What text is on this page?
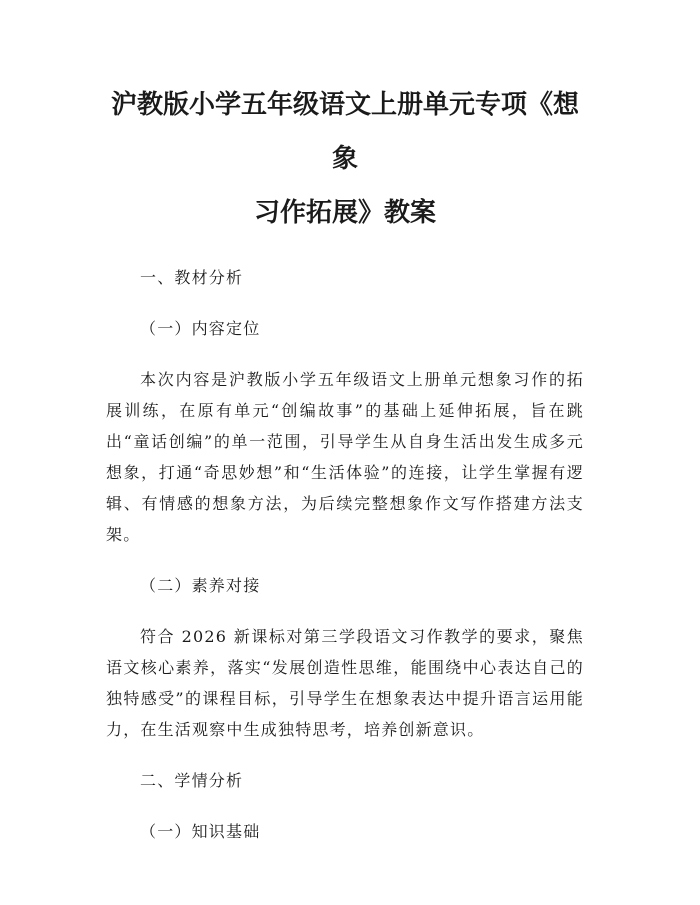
沪教版小学五年级语文上册单元专项《想象
习作拓展》教案
一、教材分析
（一）内容定位

本次内容是沪教版小学五年级语文上册单元想象习作的拓展训练，在原有单元“创编故事”的基础上延伸拓展，旨在跳出“童话创编”的单一范围，引导学生从自身生活出发生成多元想象，打通“奇思妙想”和“生活体验”的连接，让学生掌握有逻辑、有情感的想象方法，为后续完整想象作文写作搭建方法支架。

（二）素养对接

符合 2026 新课标对第三学段语文习作教学的要求，聚焦语文核心素养，落实“发展创造性思维，能围绕中心表达自己的独特感受”的课程目标，引导学生在想象表达中提升语言运用能力，在生活观察中生成独特思考，培养创新意识。

二、学情分析
（一）知识基础
